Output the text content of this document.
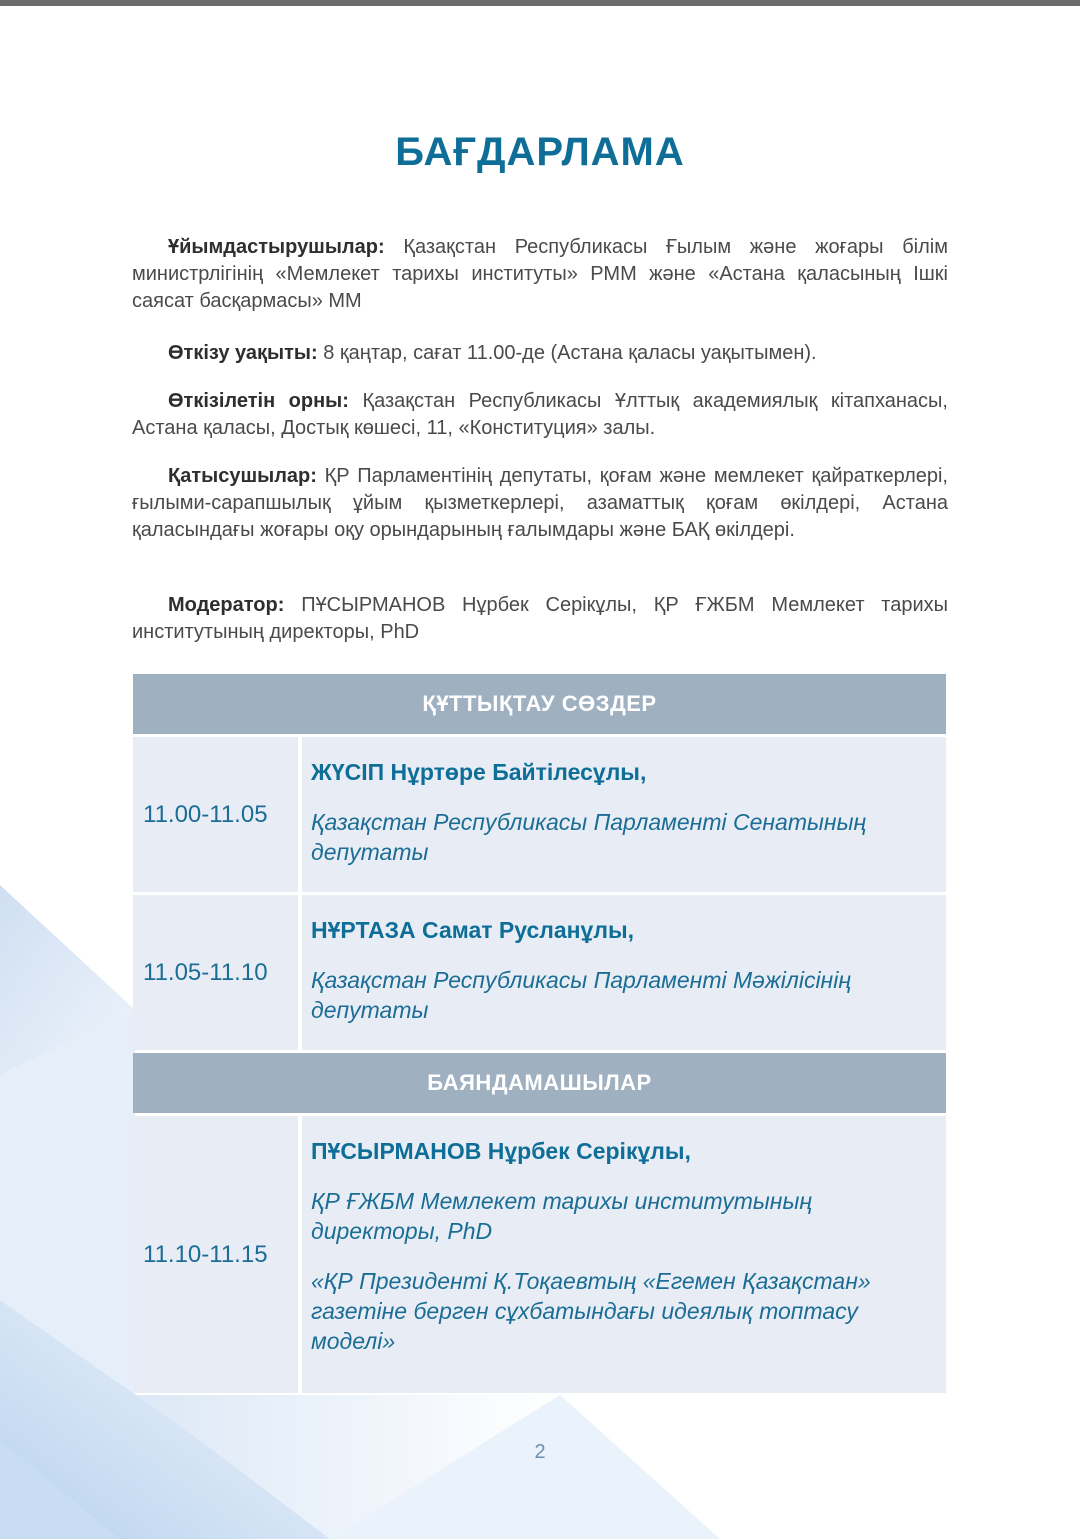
БАҒДАРЛАМА
Ұйымдастырушылар: Қазақстан Республикасы Ғылым және жоғары білім министрлігінің «Мемлекет тарихы институты» РММ және «Астана қаласының Ішкі саясат басқармасы» ММ
Өткізу уақыты: 8 қаңтар, сағат 11.00-де (Астана қаласы уақытымен).
Өткізілетін орны: Қазақстан Республикасы Ұлттық академиялық кітапханасы, Астана қаласы, Достық көшесі, 11, «Конституция» залы.
Қатысушылар: ҚР Парламентінің депутаты, қоғам және мемлекет қайраткерлері, ғылыми-сарапшылық ұйым қызметкерлері, азаматтық қоғам өкілдері, Астана қаласындағы жоғары оқу орындарының ғалымдары және БАҚ өкілдері.
Модератор: ПҰСЫРМАНОВ Нұрбек Серікұлы, ҚР ҒЖБМ Мемлекет тарихы институтының директоры, PhD
ҚҰТТЫҚТАУ СӨЗДЕР
11.00-11.05
ЖҮСІП Нұртөре Байтілесұлы,
Қазақстан Республикасы Парламенті Сенатының депутаты
11.05-11.10
НҰРТАЗА Самат Русланұлы,
Қазақстан Республикасы Парламенті Мәжілісінің депутаты
БАЯНДАМАШЫЛАР
11.10-11.15
ПҰСЫРМАНОВ Нұрбек Серікұлы,
ҚР ҒЖБМ Мемлекет тарихы институтының директоры, PhD
«ҚР Президенті Қ.Тоқаевтың «Егемен Қазақстан» газетіне берген сұхбатындағы идеялық топтасу моделі»
2
